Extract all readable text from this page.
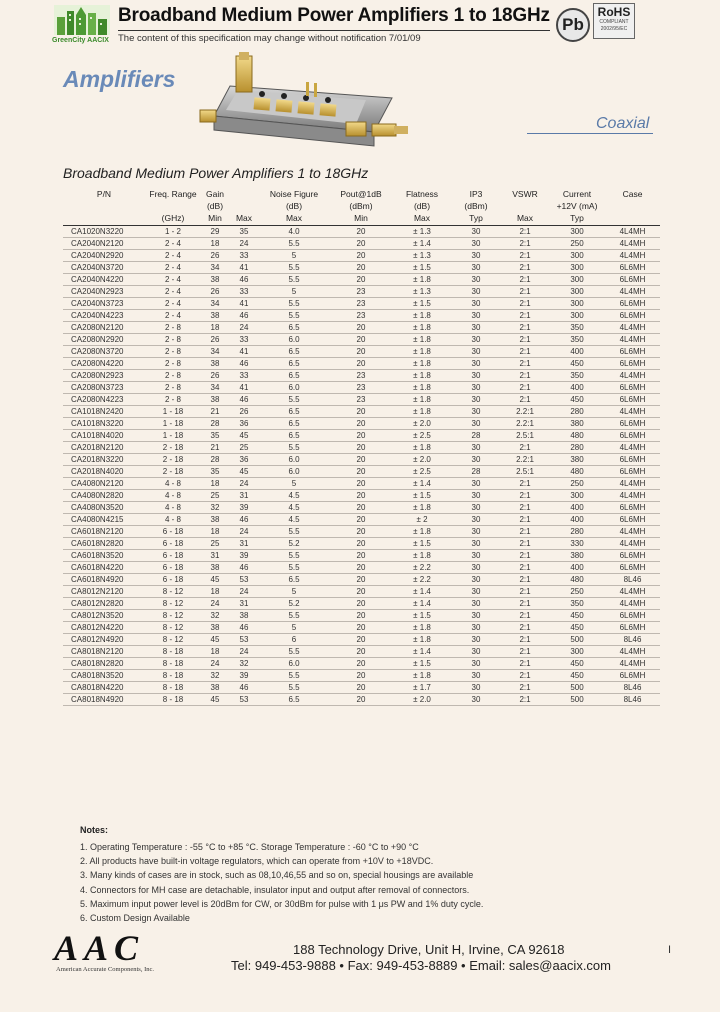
GreenCity AACIX
Broadband Medium Power Amplifiers 1 to 18GHz
The content of this specification may change without notification 7/01/09
Pb
RoHS
COMPLIANT
2002/95/EC
Amplifiers
Coaxial
Broadband Medium Power Amplifiers 1 to 18GHz
P/N	Freq. Range	Gain		Noise Figure	Pout@1dB	Flatness	IP3	VSWR	Current	Case
		(dB)		(dB)	(dBm)	(dB)	(dBm)		+12V (mA)	
	(GHz)	Min	Max	Max	Min	Max	Typ	Max	Typ	
CA1020N3220	1 - 2	29	35	4.0	20	± 1.3	30	2:1	300	4L4MH
CA2040N2120	2 - 4	18	24	5.5	20	± 1.4	30	2:1	250	4L4MH
CA2040N2920	2 - 4	26	33	5	20	± 1.3	30	2:1	300	4L4MH
CA2040N3720	2 - 4	34	41	5.5	20	± 1.5	30	2:1	300	6L6MH
CA2040N4220	2 - 4	38	46	5.5	20	± 1.8	30	2:1	300	6L6MH
CA2040N2923	2 - 4	26	33	5	23	± 1.3	30	2:1	300	4L4MH
CA2040N3723	2 - 4	34	41	5.5	23	± 1.5	30	2:1	300	6L6MH
CA2040N4223	2 - 4	38	46	5.5	23	± 1.8	30	2:1	300	6L6MH
CA2080N2120	2 - 8	18	24	6.5	20	± 1.8	30	2:1	350	4L4MH
CA2080N2920	2 - 8	26	33	6.0	20	± 1.8	30	2:1	350	4L4MH
CA2080N3720	2 - 8	34	41	6.5	20	± 1.8	30	2:1	400	6L6MH
CA2080N4220	2 - 8	38	46	6.5	20	± 1.8	30	2:1	450	6L6MH
CA2080N2923	2 - 8	26	33	6.5	23	± 1.8	30	2:1	350	4L4MH
CA2080N3723	2 - 8	34	41	6.0	23	± 1.8	30	2:1	400	6L6MH
CA2080N4223	2 - 8	38	46	5.5	23	± 1.8	30	2:1	450	6L6MH
CA1018N2420	1 - 18	21	26	6.5	20	± 1.8	30	2.2:1	280	4L4MH
CA1018N3220	1 - 18	28	36	6.5	20	± 2.0	30	2.2:1	380	6L6MH
CA1018N4020	1 - 18	35	45	6.5	20	± 2.5	28	2.5:1	480	6L6MH
CA2018N2120	2 - 18	21	25	5.5	20	± 1.8	30	2:1	280	4L4MH
CA2018N3220	2 - 18	28	36	6.0	20	± 2.0	30	2.2:1	380	6L6MH
CA2018N4020	2 - 18	35	45	6.0	20	± 2.5	28	2.5:1	480	6L6MH
CA4080N2120	4 - 8	18	24	5	20	± 1.4	30	2:1	250	4L4MH
CA4080N2820	4 - 8	25	31	4.5	20	± 1.5	30	2:1	300	4L4MH
CA4080N3520	4 - 8	32	39	4.5	20	± 1.8	30	2:1	400	6L6MH
CA4080N4215	4 - 8	38	46	4.5	20	± 2	30	2:1	400	6L6MH
CA6018N2120	6 - 18	18	24	5.5	20	± 1.8	30	2:1	280	4L4MH
CA6018N2820	6 - 18	25	31	5.2	20	± 1.5	30	2:1	330	4L4MH
CA6018N3520	6 - 18	31	39	5.5	20	± 1.8	30	2:1	380	6L6MH
CA6018N4220	6 - 18	38	46	5.5	20	± 2.2	30	2:1	400	6L6MH
CA6018N4920	6 - 18	45	53	6.5	20	± 2.2	30	2:1	480	8L46
CA8012N2120	8 - 12	18	24	5	20	± 1.4	30	2:1	250	4L4MH
CA8012N2820	8 - 12	24	31	5.2	20	± 1.4	30	2:1	350	4L4MH
CA8012N3520	8 - 12	32	38	5.5	20	± 1.5	30	2:1	450	6L6MH
CA8012N4220	8 - 12	38	46	5	20	± 1.8	30	2:1	450	6L6MH
CA8012N4920	8 - 12	45	53	6	20	± 1.8	30	2:1	500	8L46
CA8018N2120	8 - 18	18	24	5.5	20	± 1.4	30	2:1	300	4L4MH
CA8018N2820	8 - 18	24	32	6.0	20	± 1.5	30	2:1	450	4L4MH
CA8018N3520	8 - 18	32	39	5.5	20	± 1.8	30	2:1	450	6L6MH
CA8018N4220	8 - 18	38	46	5.5	20	± 1.7	30	2:1	500	8L46
CA8018N4920	8 - 18	45	53	6.5	20	± 2.0	30	2:1	500	8L46
Notes:
1. Operating Temperature : -55 °C to +85 °C. Storage Temperature : -60 °C to +90 °C
2. All products have built-in voltage regulators, which can operate from +10V to +18VDC.
3. Many kinds of cases are in stock, such as 08,10,46,55 and so on, special housings are available
4. Connectors for MH case are detachable, insulator input and output after removal of connectors.
5. Maximum input power level is 20dBm for CW, or 30dBm for pulse with 1 μs PW and 1% duty cycle.
6. Custom Design Available
AAC
American Accurate Components, Inc.
188 Technology Drive, Unit H, Irvine, CA 92618
Tel: 949-453-9888 • Fax: 949-453-8889 • Email: sales@aacix.com
I
